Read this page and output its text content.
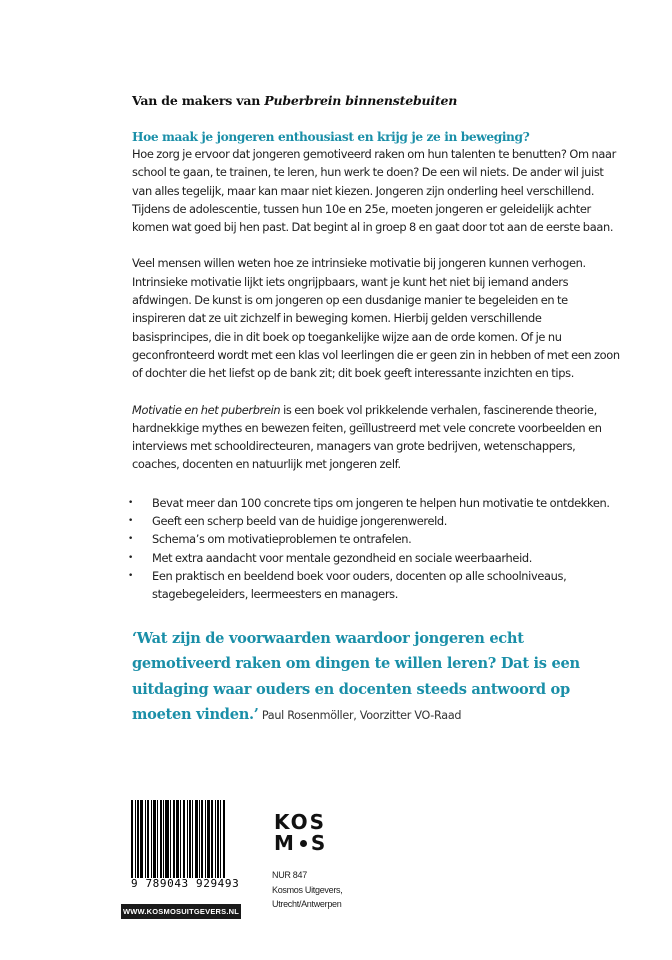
Van de makers van Puberbrein binnenstebuiten

Hoe maak je jongeren enthousiast en krijg je ze in beweging?

Hoe zorg je ervoor dat jongeren gemotiveerd raken om hun talenten te benutten? Om naar school te gaan, te trainen, te leren, hun werk te doen? De een wil niets. De ander wil juist van alles tegelijk, maar kan maar niet kiezen. Jongeren zijn onderling heel verschillend. Tijdens de adolescentie, tussen hun 10e en 25e, moeten jongeren er geleidelijk achter komen wat goed bij hen past. Dat begint al in groep 8 en gaat door tot aan de eerste baan.

Veel mensen willen weten hoe ze intrinsieke motivatie bij jongeren kunnen verhogen. Intrinsieke motivatie lijkt iets ongrijpbaars, want je kunt het niet bij iemand anders afdwingen. De kunst is om jongeren op een dusdanige manier te begeleiden en te inspireren dat ze uit zichzelf in beweging komen. Hierbij gelden verschillende basisprincipes, die in dit boek op toegankelijke wijze aan de orde komen. Of je nu geconfronteerd wordt met een klas vol leerlingen die er geen zin in hebben of met een zoon of dochter die het liefst op de bank zit; dit boek geeft interessante inzichten en tips.

Motivatie en het puberbrein is een boek vol prikkelende verhalen, fascinerende theorie, hardnekkige mythes en bewezen feiten, geïllustreerd met vele concrete voorbeelden en interviews met schooldirecteuren, managers van grote bedrijven, wetenschappers, coaches, docenten en natuurlijk met jongeren zelf.

• Bevat meer dan 100 concrete tips om jongeren te helpen hun motivatie te ontdekken.
• Geeft een scherp beeld van de huidige jongerenwereld.
• Schema’s om motivatieproblemen te ontrafelen.
• Met extra aandacht voor mentale gezondheid en sociale weerbaarheid.
• Een praktisch en beeldend boek voor ouders, docenten op alle schoolniveaus, stagebegeleiders, leermeesters en managers.
‘Wat zijn de voorwaarden waardoor jongeren echt gemotiveerd raken om dingen te willen leren? Dat is een uitdaging waar ouders en docenten steeds antwoord op moeten vinden.’ Paul Rosenmöller, Voorzitter VO-Raad
9 789043 929493
WWW.KOSMOSUITGEVERS.NL
KOS
M S
NUR 847
Kosmos Uitgevers,
Utrecht/Antwerpen
